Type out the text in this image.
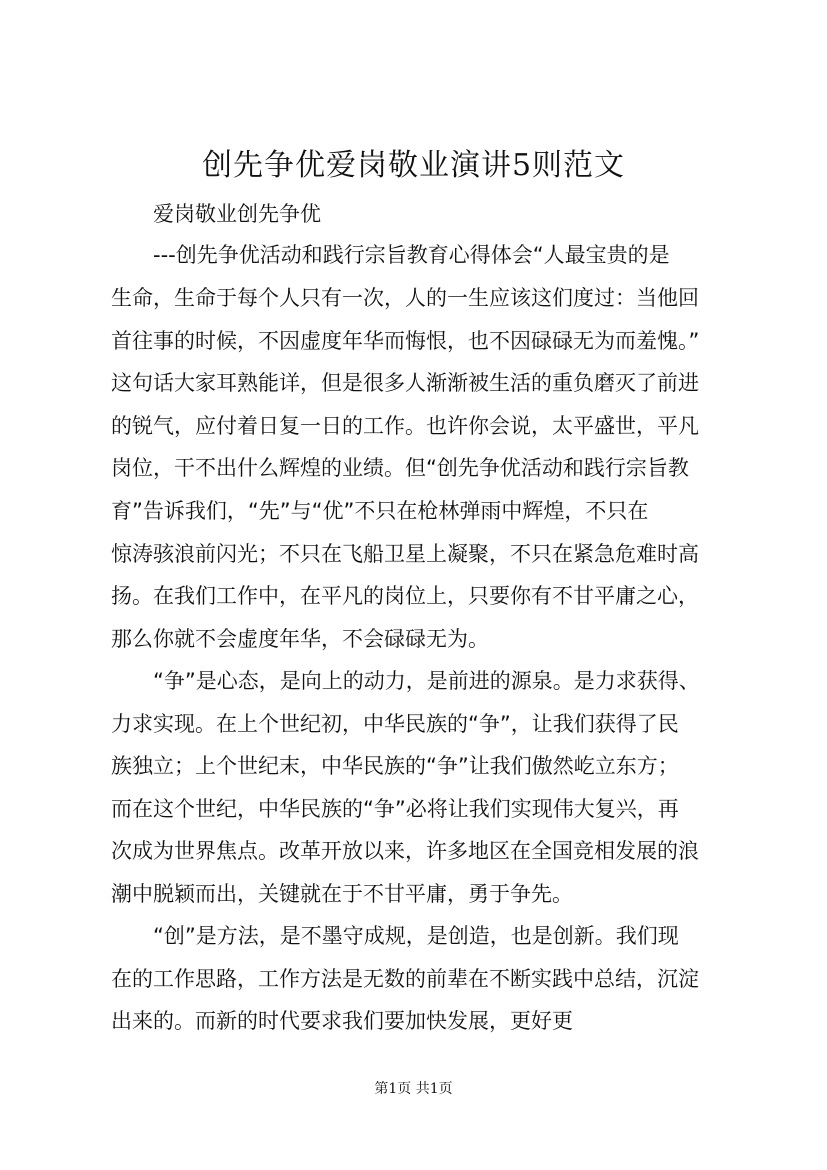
创先争优爱岗敬业演讲5则范文
爱岗敬业创先争优
---创先争优活动和践行宗旨教育心得体会“人最宝贵的是
生命，生命于每个人只有一次，人的一生应该这们度过：当他回
首往事的时候，不因虚度年华而悔恨，也不因碌碌无为而羞愧。”
这句话大家耳熟能详，但是很多人渐渐被生活的重负磨灭了前进
的锐气，应付着日复一日的工作。也许你会说，太平盛世，平凡
岗位，干不出什么辉煌的业绩。但“创先争优活动和践行宗旨教
育”告诉我们，“先”与“优”不只在枪林弹雨中辉煌，不只在
惊涛骇浪前闪光；不只在飞船卫星上凝聚，不只在紧急危难时高
扬。在我们工作中，在平凡的岗位上，只要你有不甘平庸之心，
那么你就不会虚度年华，不会碌碌无为。
“争”是心态，是向上的动力，是前进的源泉。是力求获得、
力求实现。在上个世纪初，中华民族的“争”，让我们获得了民
族独立；上个世纪末，中华民族的“争”让我们傲然屹立东方；
而在这个世纪，中华民族的“争”必将让我们实现伟大复兴，再
次成为世界焦点。改革开放以来，许多地区在全国竞相发展的浪
潮中脱颖而出，关键就在于不甘平庸，勇于争先。
“创”是方法，是不墨守成规，是创造，也是创新。我们现
在的工作思路，工作方法是无数的前辈在不断实践中总结，沉淀
出来的。而新的时代要求我们要加快发展，更好更
第1页 共1页
